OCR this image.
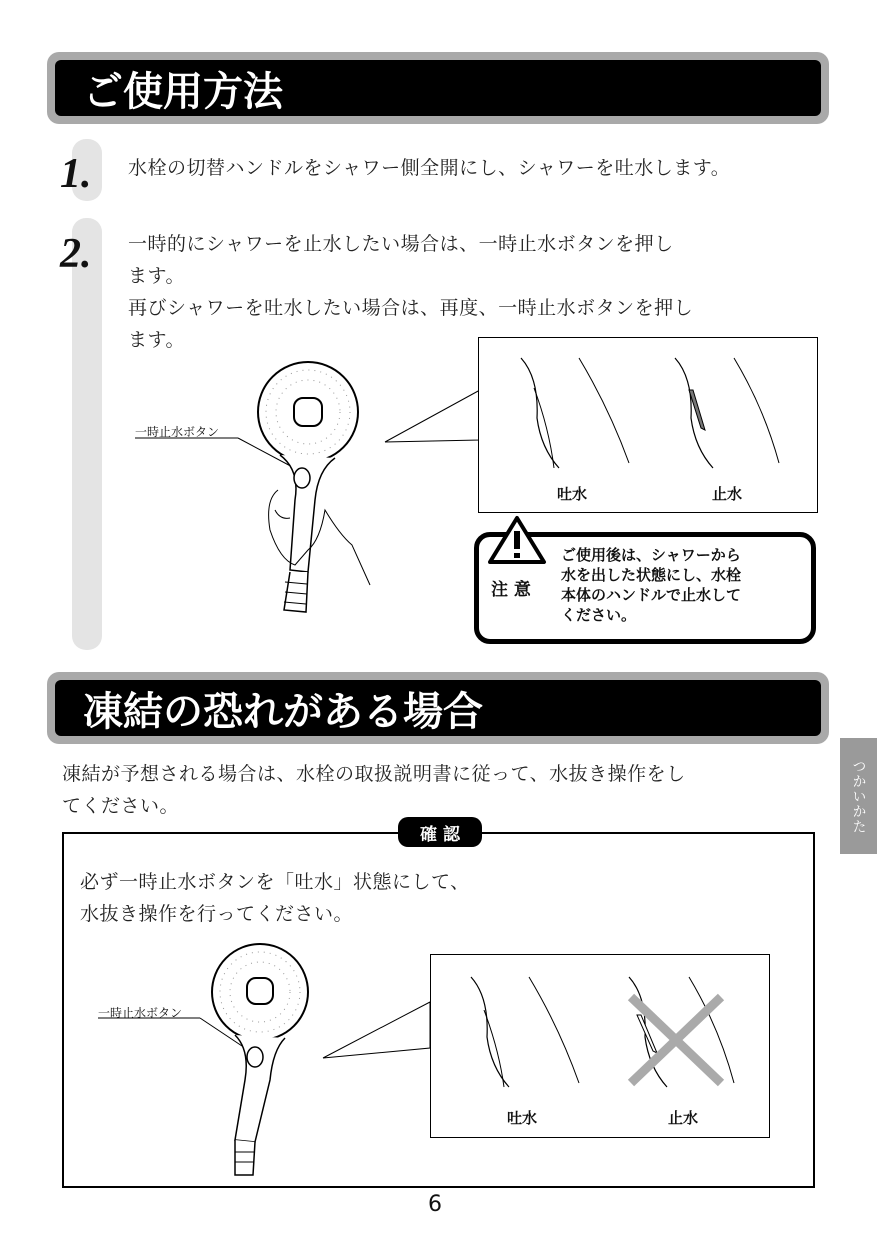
ご使用方法
1. 水栓の切替ハンドルをシャワー側全開にし、シャワーを吐水します。
2. 一時的にシャワーを止水したい場合は、一時止水ボタンを押し
ます。
再びシャワーを吐水したい場合は、再度、一時止水ボタンを押し
ます。
一時止水ボタン
吐水	止水
注 意
ご使用後は、シャワーから
水を出した状態にし、水栓
本体のハンドルで止水して
ください。
凍結の恐れがある場合
凍結が予想される場合は、水栓の取扱説明書に従って、水抜き操作をし
てください。
確 認
必ず一時止水ボタンを「吐水」状態にして、
水抜き操作を行ってください。
一時止水ボタン
吐水	止水
つかいかた
6
